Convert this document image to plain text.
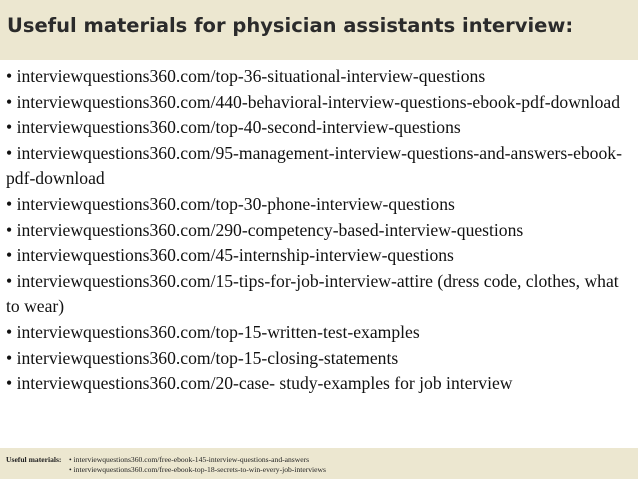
Useful materials for physician assistants interview:
• interviewquestions360.com/top-36-situational-interview-questions
• interviewquestions360.com/440-behavioral-interview-questions-ebook-pdf-download
• interviewquestions360.com/top-40-second-interview-questions
• interviewquestions360.com/95-management-interview-questions-and-answers-ebook-pdf-download
• interviewquestions360.com/top-30-phone-interview-questions
• interviewquestions360.com/290-competency-based-interview-questions
• interviewquestions360.com/45-internship-interview-questions
• interviewquestions360.com/15-tips-for-job-interview-attire (dress code, clothes, what to wear)
• interviewquestions360.com/top-15-written-test-examples
• interviewquestions360.com/top-15-closing-statements
• interviewquestions360.com/20-case- study-examples for job interview
Useful materials: • interviewquestions360.com/free-ebook-145-interview-questions-and-answers
• interviewquestions360.com/free-ebook-top-18-secrets-to-win-every-job-interviews
